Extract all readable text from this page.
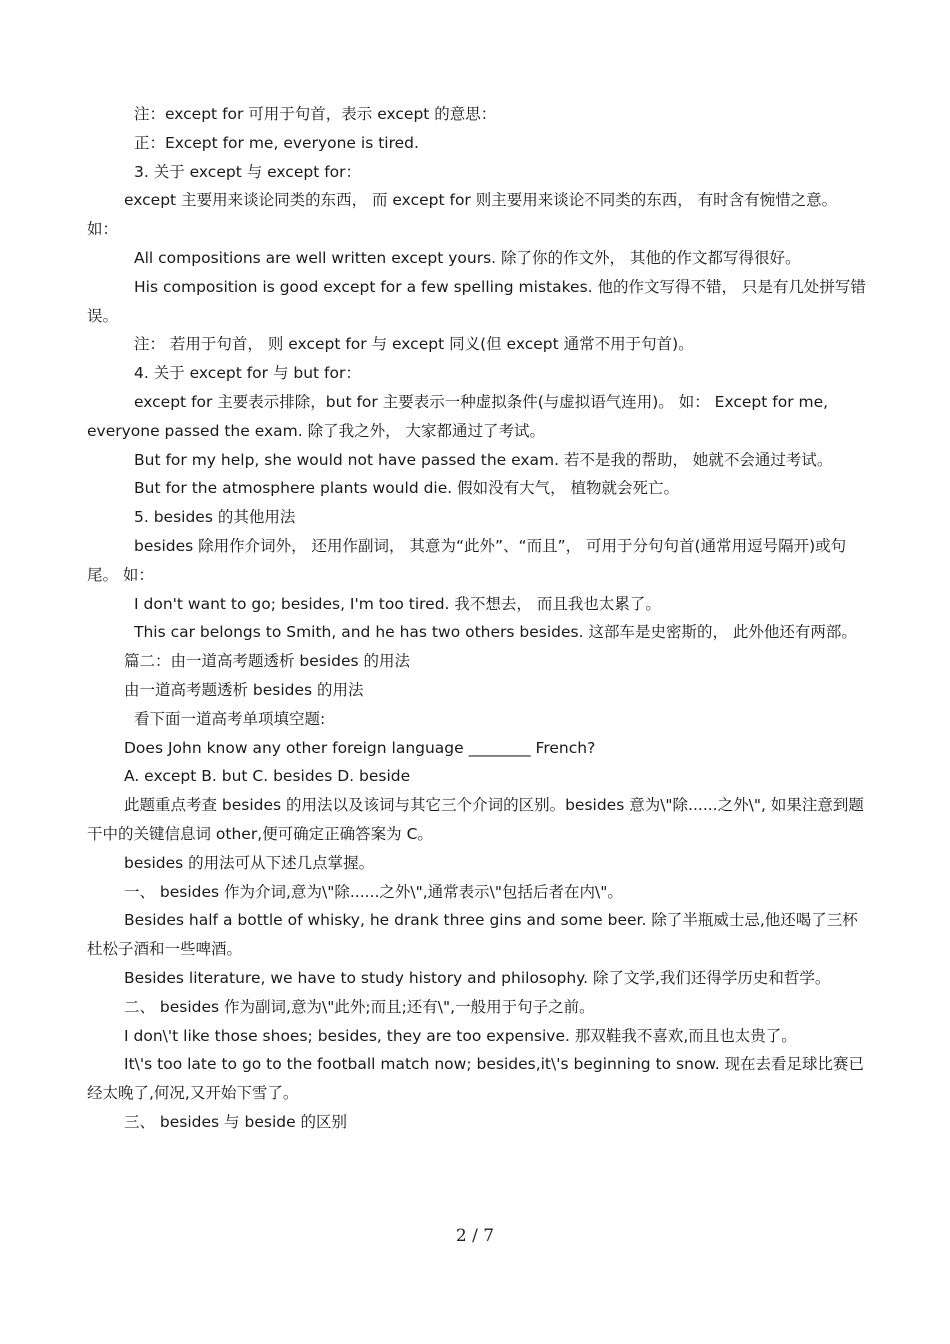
注：except for 可用于句首，表示 except 的意思：

正：Except for me, everyone is tired.

3. 关于 except 与 except for：

except 主要用来谈论同类的东西， 而 except for 则主要用来谈论不同类的东西， 有时含有惋惜之意。 如：

All compositions are well written except yours. 除了你的作文外， 其他的作文都写得很好。

His composition is good except for a few spelling mistakes. 他的作文写得不错， 只是有几处拼写错误。

注： 若用于句首， 则 except for 与 except 同义(但 except 通常不用于句首)。

4. 关于 except for 与 but for：

except for 主要表示排除，but for 主要表示一种虚拟条件(与虚拟语气连用)。 如： Except for me, everyone passed the exam. 除了我之外， 大家都通过了考试。

But for my help, she would not have passed the exam. 若不是我的帮助， 她就不会通过考试。

But for the atmosphere plants would die. 假如没有大气， 植物就会死亡。

5. besides 的其他用法

besides 除用作介词外， 还用作副词， 其意为“此外”、“而且”， 可用于分句句首(通常用逗号隔开)或句尾。 如：

I don't want to go; besides, I'm too tired. 我不想去， 而且我也太累了。

This car belongs to Smith, and he has two others besides. 这部车是史密斯的， 此外他还有两部。

篇二：由一道高考题透析 besides 的用法

由一道高考题透析 besides 的用法

看下面一道高考单项填空题:

Does John know any other foreign language ________ French?

A. except B. but C. besides D. beside

此题重点考查 besides 的用法以及该词与其它三个介词的区别。besides 意为\"除......之外\", 如果注意到题干中的关键信息词 other,便可确定正确答案为 C。

besides 的用法可从下述几点掌握。

一、 besides 作为介词,意为\"除......之外\",通常表示\"包括后者在内\"。

Besides half a bottle of whisky, he drank three gins and some beer. 除了半瓶威士忌,他还喝了三杯杜松子酒和一些啤酒。

Besides literature, we have to study history and philosophy. 除了文学,我们还得学历史和哲学。

二、 besides 作为副词,意为\"此外;而且;还有\",一般用于句子之前。

I don\'t like those shoes; besides, they are too expensive. 那双鞋我不喜欢,而且也太贵了。

It\'s too late to go to the football match now; besides,it\'s beginning to snow. 现在去看足球比赛已经太晚了,何况,又开始下雪了。

三、 besides 与 beside 的区别

2 / 7
